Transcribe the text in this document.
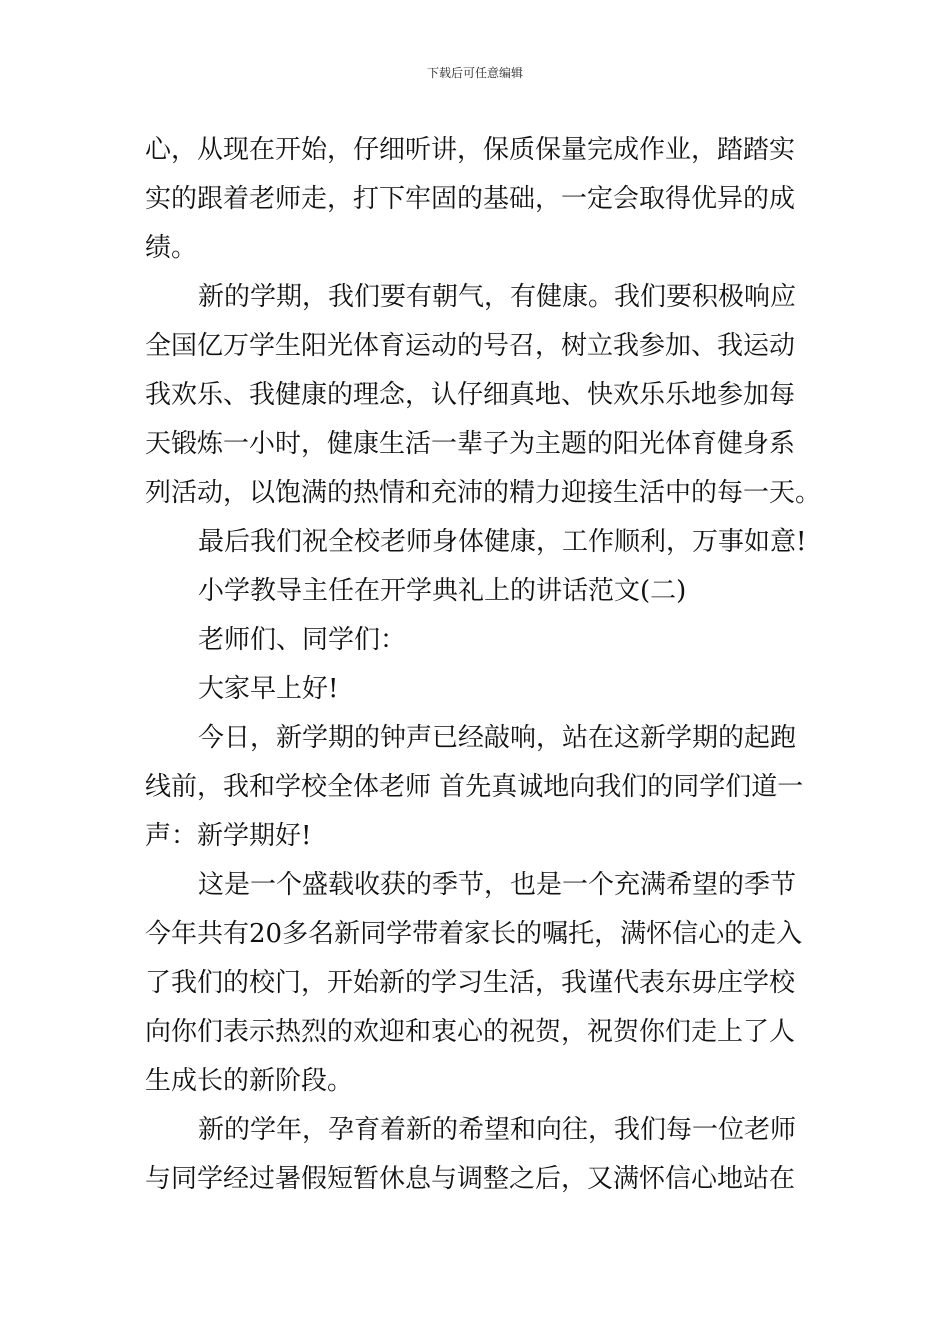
下载后可任意编辑
心，从现在开始，仔细听讲，保质保量完成作业，踏踏实
实的跟着老师走，打下牢固的基础，一定会取得优异的成
绩。
新的学期，我们要有朝气，有健康。我们要积极响应
全国亿万学生阳光体育运动的号召，树立我参加、我运动
我欢乐、我健康的理念，认仔细真地、快欢乐乐地参加每
天锻炼一小时，健康生活一辈子为主题的阳光体育健身系
列活动，以饱满的热情和充沛的精力迎接生活中的每一天。
最后我们祝全校老师身体健康，工作顺利，万事如意!
小学教导主任在开学典礼上的讲话范文(二)
老师们、同学们：
大家早上好!
今日，新学期的钟声已经敲响，站在这新学期的起跑
线前，我和学校全体老师 首先真诚地向我们的同学们道一
声：新学期好!
这是一个盛载收获的季节，也是一个充满希望的季节
今年共有20多名新同学带着家长的嘱托，满怀信心的走入
了我们的校门，开始新的学习生活，我谨代表东毋庄学校
向你们表示热烈的欢迎和衷心的祝贺，祝贺你们走上了人
生成长的新阶段。
新的学年，孕育着新的希望和向往，我们每一位老师
与同学经过暑假短暂休息与调整之后，又满怀信心地站在
